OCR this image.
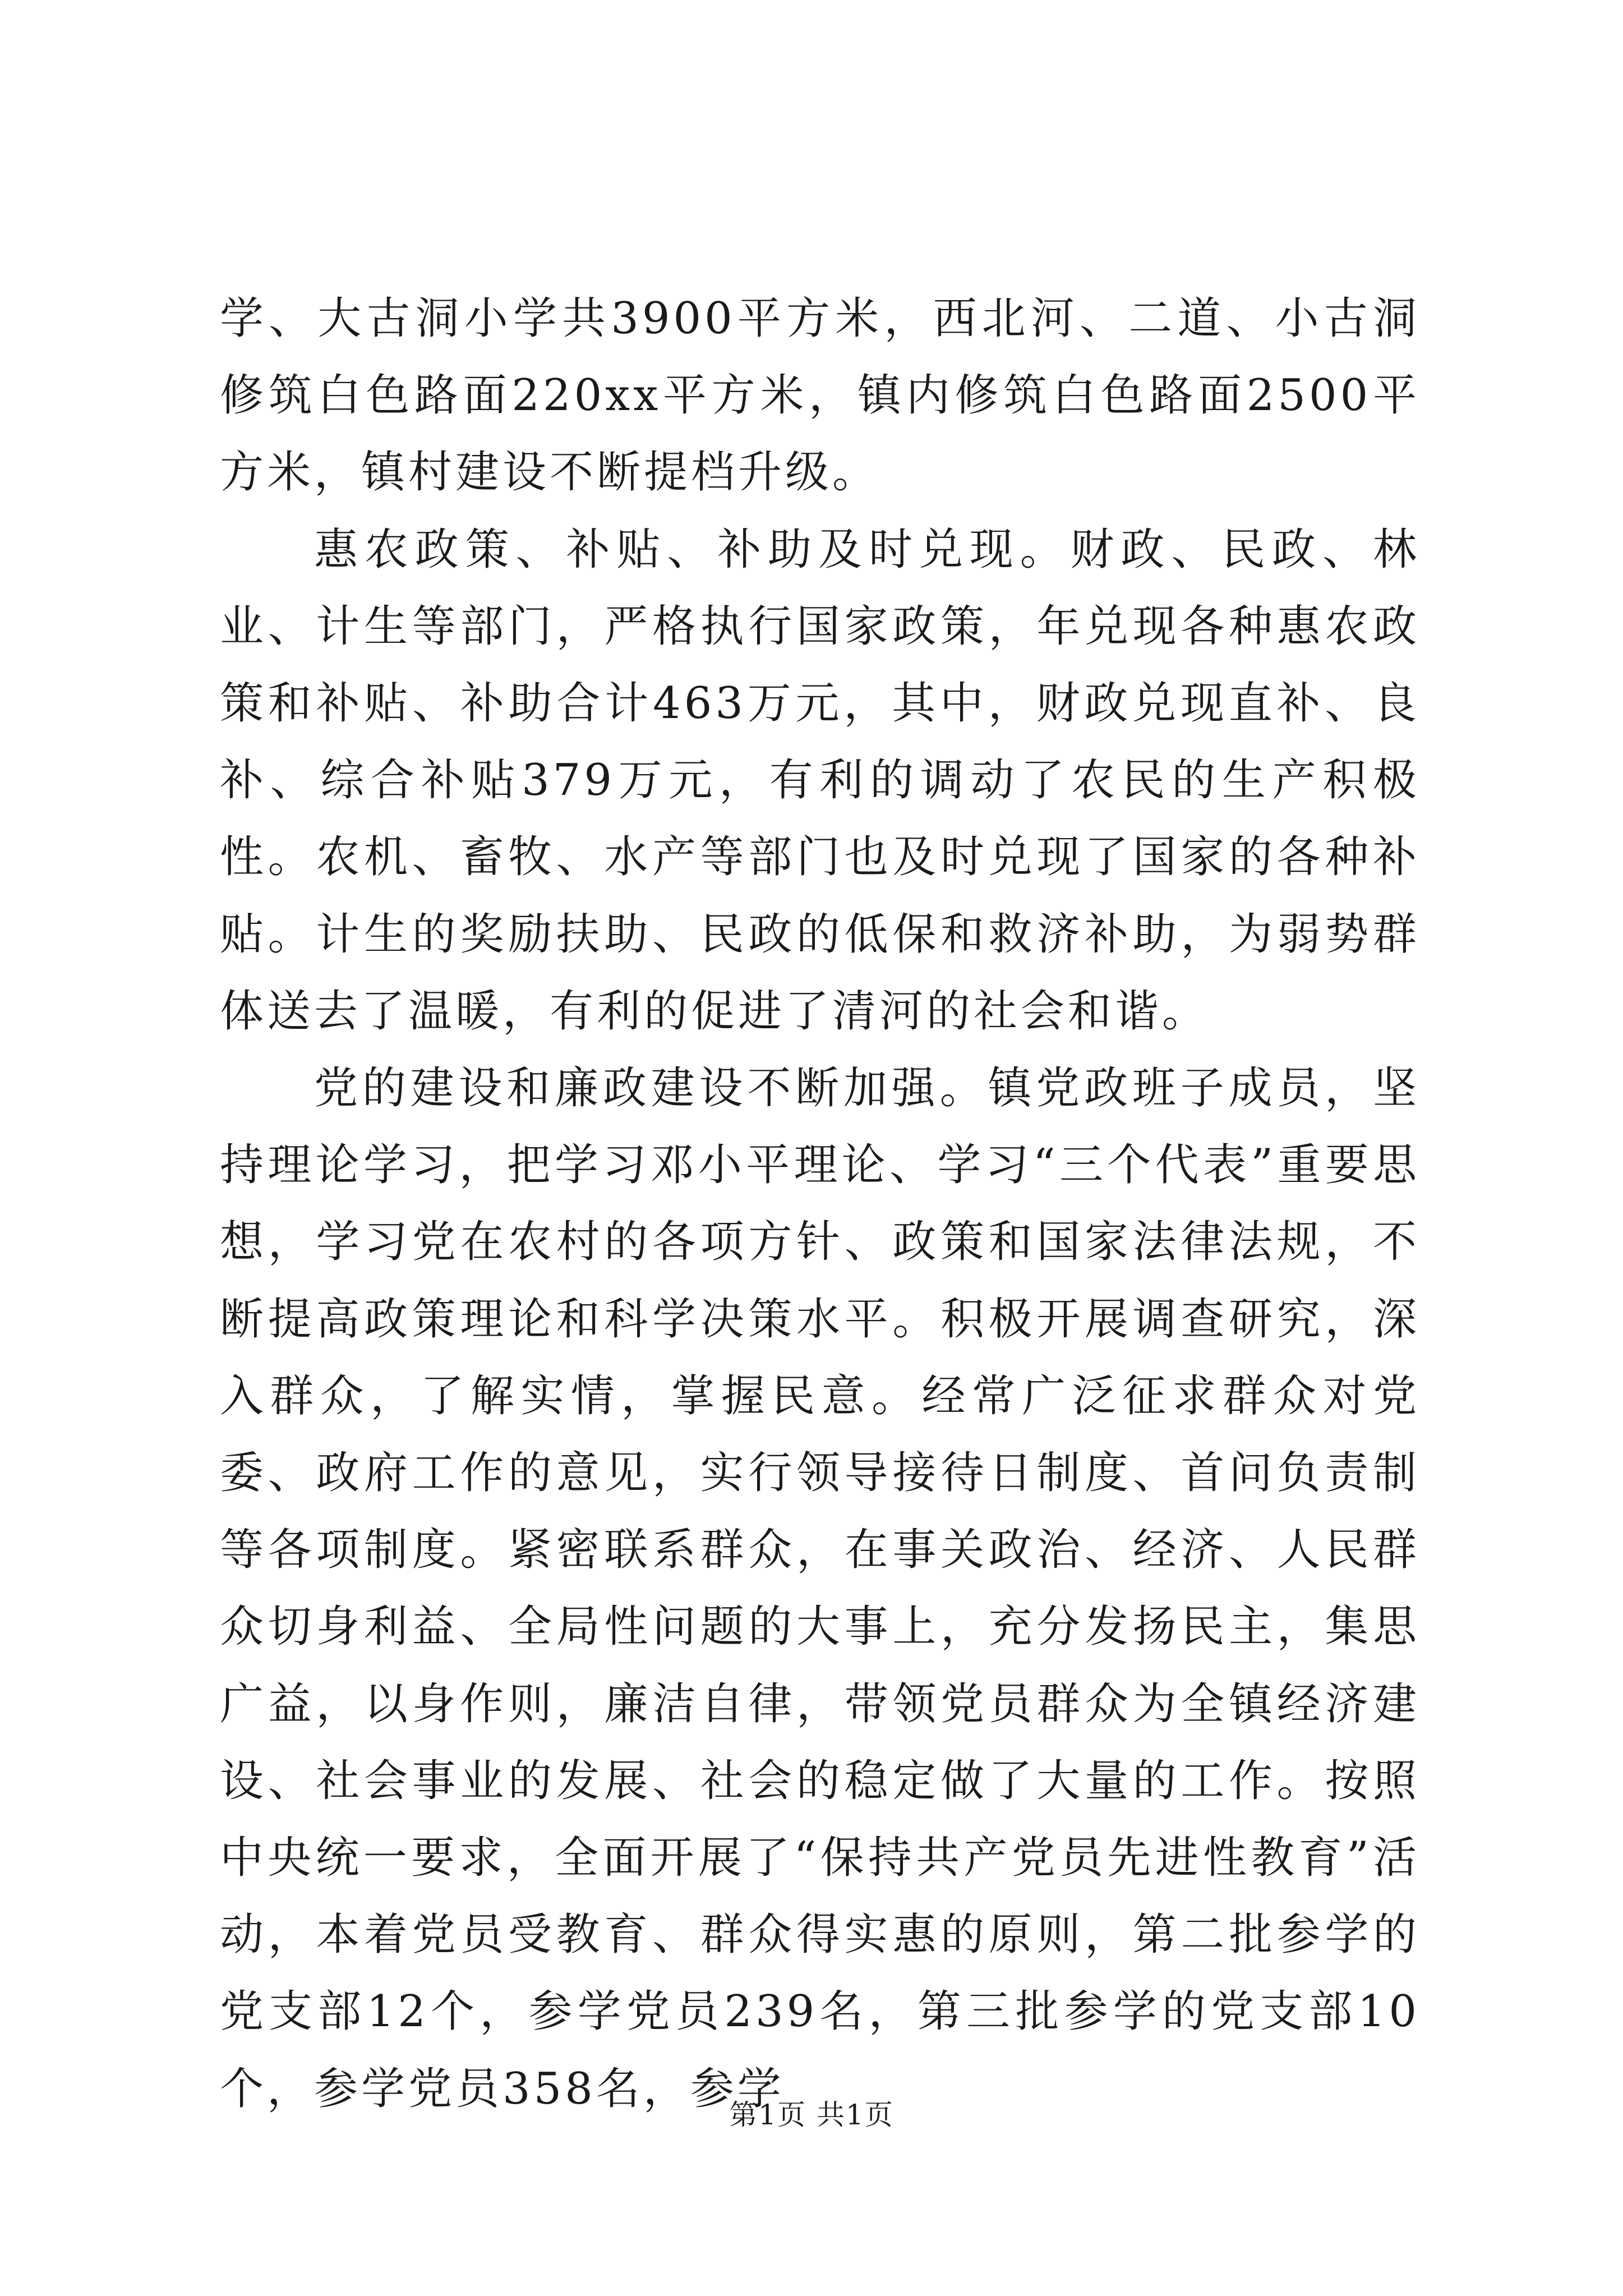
学、大古洞小学共3900平方米，西北河、二道、小古洞修筑白色路面220xx平方米，镇内修筑白色路面2500平方米，镇村建设不断提档升级。

惠农政策、补贴、补助及时兑现。财政、民政、林业、计生等部门，严格执行国家政策，年兑现各种惠农政策和补贴、补助合计463万元，其中，财政兑现直补、良补、综合补贴379万元，有利的调动了农民的生产积极性。农机、畜牧、水产等部门也及时兑现了国家的各种补贴。计生的奖励扶助、民政的低保和救济补助，为弱势群体送去了温暖，有利的促进了清河的社会和谐。

党的建设和廉政建设不断加强。镇党政班子成员，坚持理论学习，把学习邓小平理论、学习“三个代表”重要思想，学习党在农村的各项方针、政策和国家法律法规，不断提高政策理论和科学决策水平。积极开展调查研究，深入群众，了解实情，掌握民意。经常广泛征求群众对党委、政府工作的意见，实行领导接待日制度、首问负责制等各项制度。紧密联系群众，在事关政治、经济、人民群众切身利益、全局性问题的大事上，充分发扬民主，集思广益，以身作则，廉洁自律，带领党员群众为全镇经济建设、社会事业的发展、社会的稳定做了大量的工作。按照中央统一要求，全面开展了“保持共产党员先进性教育”活动，本着党员受教育、群众得实惠的原则，第二批参学的党支部12个，参学党员239名，第三批参学的党支部10个，参学党员358名，参学

第1页 共1页
